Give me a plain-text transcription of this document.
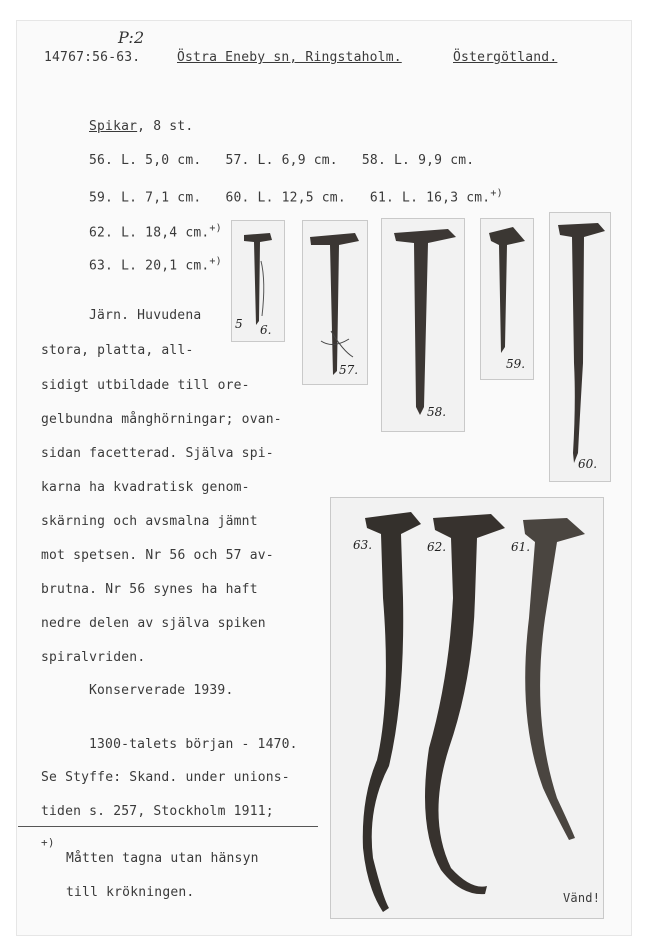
P:2
14767:56-63.	Östra Eneby sn, Ringstaholm.	Östergötland.
Spikar, 8 st.
56. L. 5,0 cm.   57. L. 6,9 cm.   58. L. 9,9 cm.
59. L. 7,1 cm.   60. L. 12,5 cm.   61. L. 16,3 cm.+)
62. L. 18,4 cm.+)
63. L. 20,1 cm.+)
Järn. Huvudena
stora, platta, all-
sidigt utbildade till ore-
gelbundna månghörningar; ovan-
sidan facetterad. Själva spi-
karna ha kvadratisk genom-
skärning och avsmalna jämnt
mot spetsen. Nr 56 och 57 av-
brutna. Nr 56 synes ha haft
nedre delen av själva spiken
spiralvriden.
Konserverade 1939.
1300-talets början - 1470.
Se Styffe: Skand. under unions-
tiden s. 257, Stockholm 1911;
+)
Måtten tagna utan hänsyn
till krökningen.
5 6.
57.
58.
59.
60.
63.	62.	61.
Vänd!
